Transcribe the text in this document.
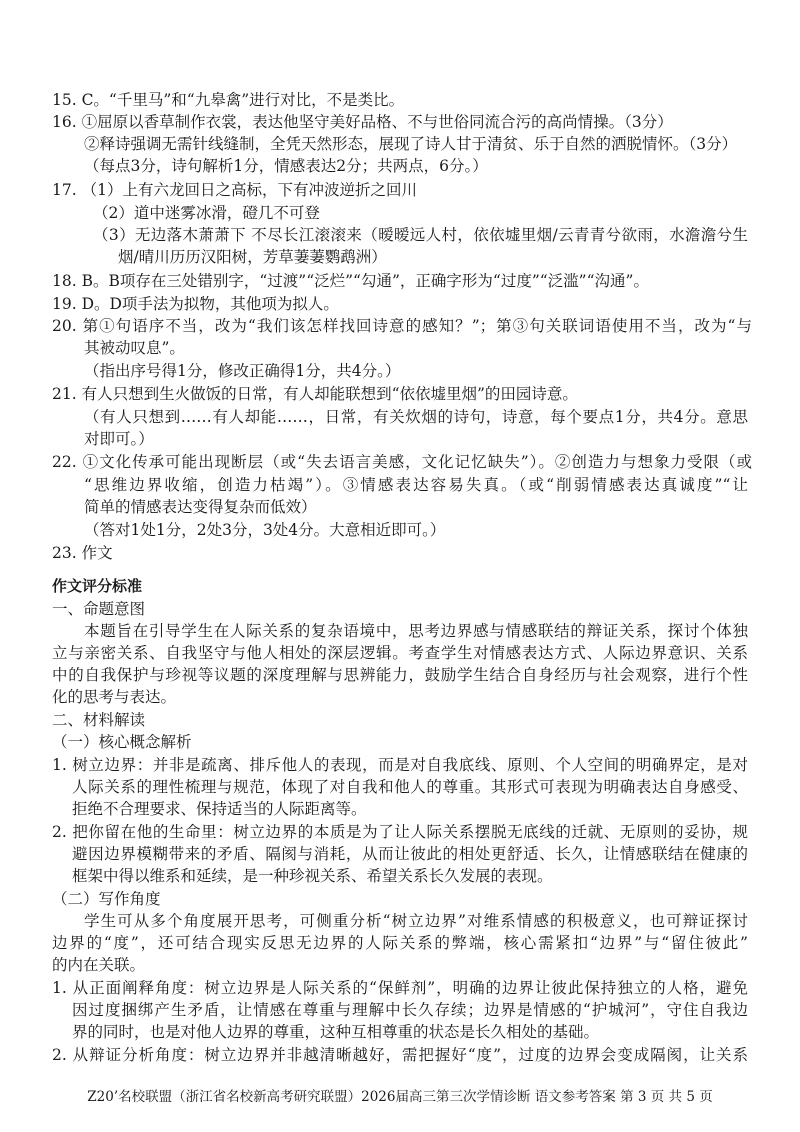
15. C。“千里马”和“九皋禽”进行对比，不是类比。
16. ①屈原以香草制作衣裳，表达他坚守美好品格、不与世俗同流合污的高尚情操。（3分）
②释诗强调无需针线缝制，全凭天然形态，展现了诗人甘于清贫、乐于自然的洒脱情怀。（3分）
（每点3分，诗句解析1分，情感表达2分；共两点，6分。）
17. （1）上有六龙回日之高标，下有冲波逆折之回川
（2）道中迷雾冰滑，磴几不可登
（3）无边落木萧萧下 不尽长江滚滚来（暧暧远人村，依依墟里烟/云青青兮欲雨，水澹澹兮生
烟/晴川历历汉阳树，芳草萋萋鹦鹉洲）
18. B。B项存在三处错别字，“过渡”“泛烂”“勾通”，正确字形为“过度”“泛滥”“沟通”。
19. D。D项手法为拟物，其他项为拟人。
20. 第①句语序不当，改为“我们该怎样找回诗意的感知？”；第③句关联词语使用不当，改为“与
其被动叹息”。
（指出序号得1分，修改正确得1分，共4分。）
21. 有人只想到生火做饭的日常，有人却能联想到“依依墟里烟”的田园诗意。
（有人只想到……有人却能……，日常，有关炊烟的诗句，诗意，每个要点1分，共4分。意思
对即可。）
22. ①文化传承可能出现断层（或“失去语言美感，文化记忆缺失”）。②创造力与想象力受限（或
“思维边界收缩，创造力枯竭”）。③情感表达容易失真。（或“削弱情感表达真诚度”“让
简单的情感表达变得复杂而低效）
（答对1处1分，2处3分，3处4分。大意相近即可。）
23. 作文
作文评分标准
一、命题意图
本题旨在引导学生在人际关系的复杂语境中，思考边界感与情感联结的辩证关系，探讨个体独
立与亲密关系、自我坚守与他人相处的深层逻辑。考查学生对情感表达方式、人际边界意识、关系
中的自我保护与珍视等议题的深度理解与思辨能力，鼓励学生结合自身经历与社会观察，进行个性
化的思考与表达。
二、材料解读
（一）核心概念解析
1. 树立边界：并非是疏离、排斥他人的表现，而是对自我底线、原则、个人空间的明确界定，是对
人际关系的理性梳理与规范，体现了对自我和他人的尊重。其形式可表现为明确表达自身感受、
拒绝不合理要求、保持适当的人际距离等。
2. 把你留在他的生命里：树立边界的本质是为了让人际关系摆脱无底线的迁就、无原则的妥协，规
避因边界模糊带来的矛盾、隔阂与消耗，从而让彼此的相处更舒适、长久，让情感联结在健康的
框架中得以维系和延续，是一种珍视关系、希望关系长久发展的表现。
（二）写作角度
学生可从多个角度展开思考，可侧重分析“树立边界”对维系情感的积极意义，也可辩证探讨
边界的“度”，还可结合现实反思无边界的人际关系的弊端，核心需紧扣“边界”与“留住彼此”
的内在关联。
1. 从正面阐释角度：树立边界是人际关系的“保鲜剂”，明确的边界让彼此保持独立的人格，避免
因过度捆绑产生矛盾，让情感在尊重与理解中长久存续；边界是情感的“护城河”，守住自我边
界的同时，也是对他人边界的尊重，这种互相尊重的状态是长久相处的基础。
2. 从辩证分析角度：树立边界并非越清晰越好，需把握好“度”，过度的边界会变成隔阂，让关系
Z20’名校联盟（浙江省名校新高考研究联盟）2026届高三第三次学情诊断 语文参考答案 第 3 页 共 5 页
